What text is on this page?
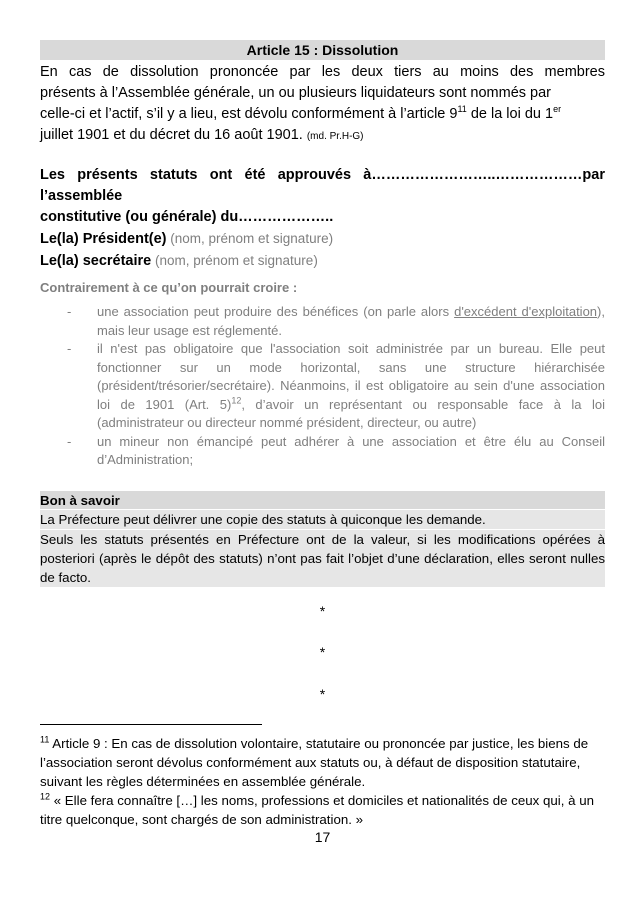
Article 15 : Dissolution
En cas de dissolution prononcée par les deux tiers au moins des membres
présents à l’Assemblée générale, un ou plusieurs liquidateurs sont nommés par
celle-ci et l’actif, s’il y a lieu, est dévolu conformément à l’article $9^{11}$ de la loi du 1er
juillet 1901 et du décret du 16 août 1901. (md. Pr.H-G)
Les présents statuts ont été approuvés à……………………..………………par l’assemblée
constitutive (ou générale) du………………..
Le(la) Président(e) (nom, prénom et signature)
Le(la) secrétaire (nom, prénom et signature)
Contrairement à ce qu’on pourrait croire :
- une association peut produire des bénéfices (on parle alors d'excédent d'exploitation), mais leur usage est réglementé.
- il n'est pas obligatoire que l'association soit administrée par un bureau. Elle peut fonctionner sur un mode horizontal, sans une structure hiérarchisée (président/trésorier/secrétaire). Néanmoins, il est obligatoire au sein d'une association loi de 1901 (Art. 5)$^{12}$, d’avoir un représentant ou responsable face à la loi (administrateur ou directeur nommé président, directeur, ou autre)
- un mineur non émancipé peut adhérer à une association et être élu au Conseil d’Administration;
Bon à savoir
La Préfecture peut délivrer une copie des statuts à quiconque les demande.
Seuls les statuts présentés en Préfecture ont de la valeur, si les modifications opérées à posteriori (après le dépôt des statuts) n’ont pas fait l’objet d’une déclaration, elles seront nulles de facto.
*
*
*
$^{11}$ Article 9 : En cas de dissolution volontaire, statutaire ou prononcée par justice, les biens de l’association seront dévolus conformément aux statuts ou, à défaut de disposition statutaire, suivant les règles déterminées en assemblée générale.
$^{12}$ « Elle fera connaître […] les noms, professions et domiciles et nationalités de ceux qui, à un titre quelconque, sont chargés de son administration. »
17
